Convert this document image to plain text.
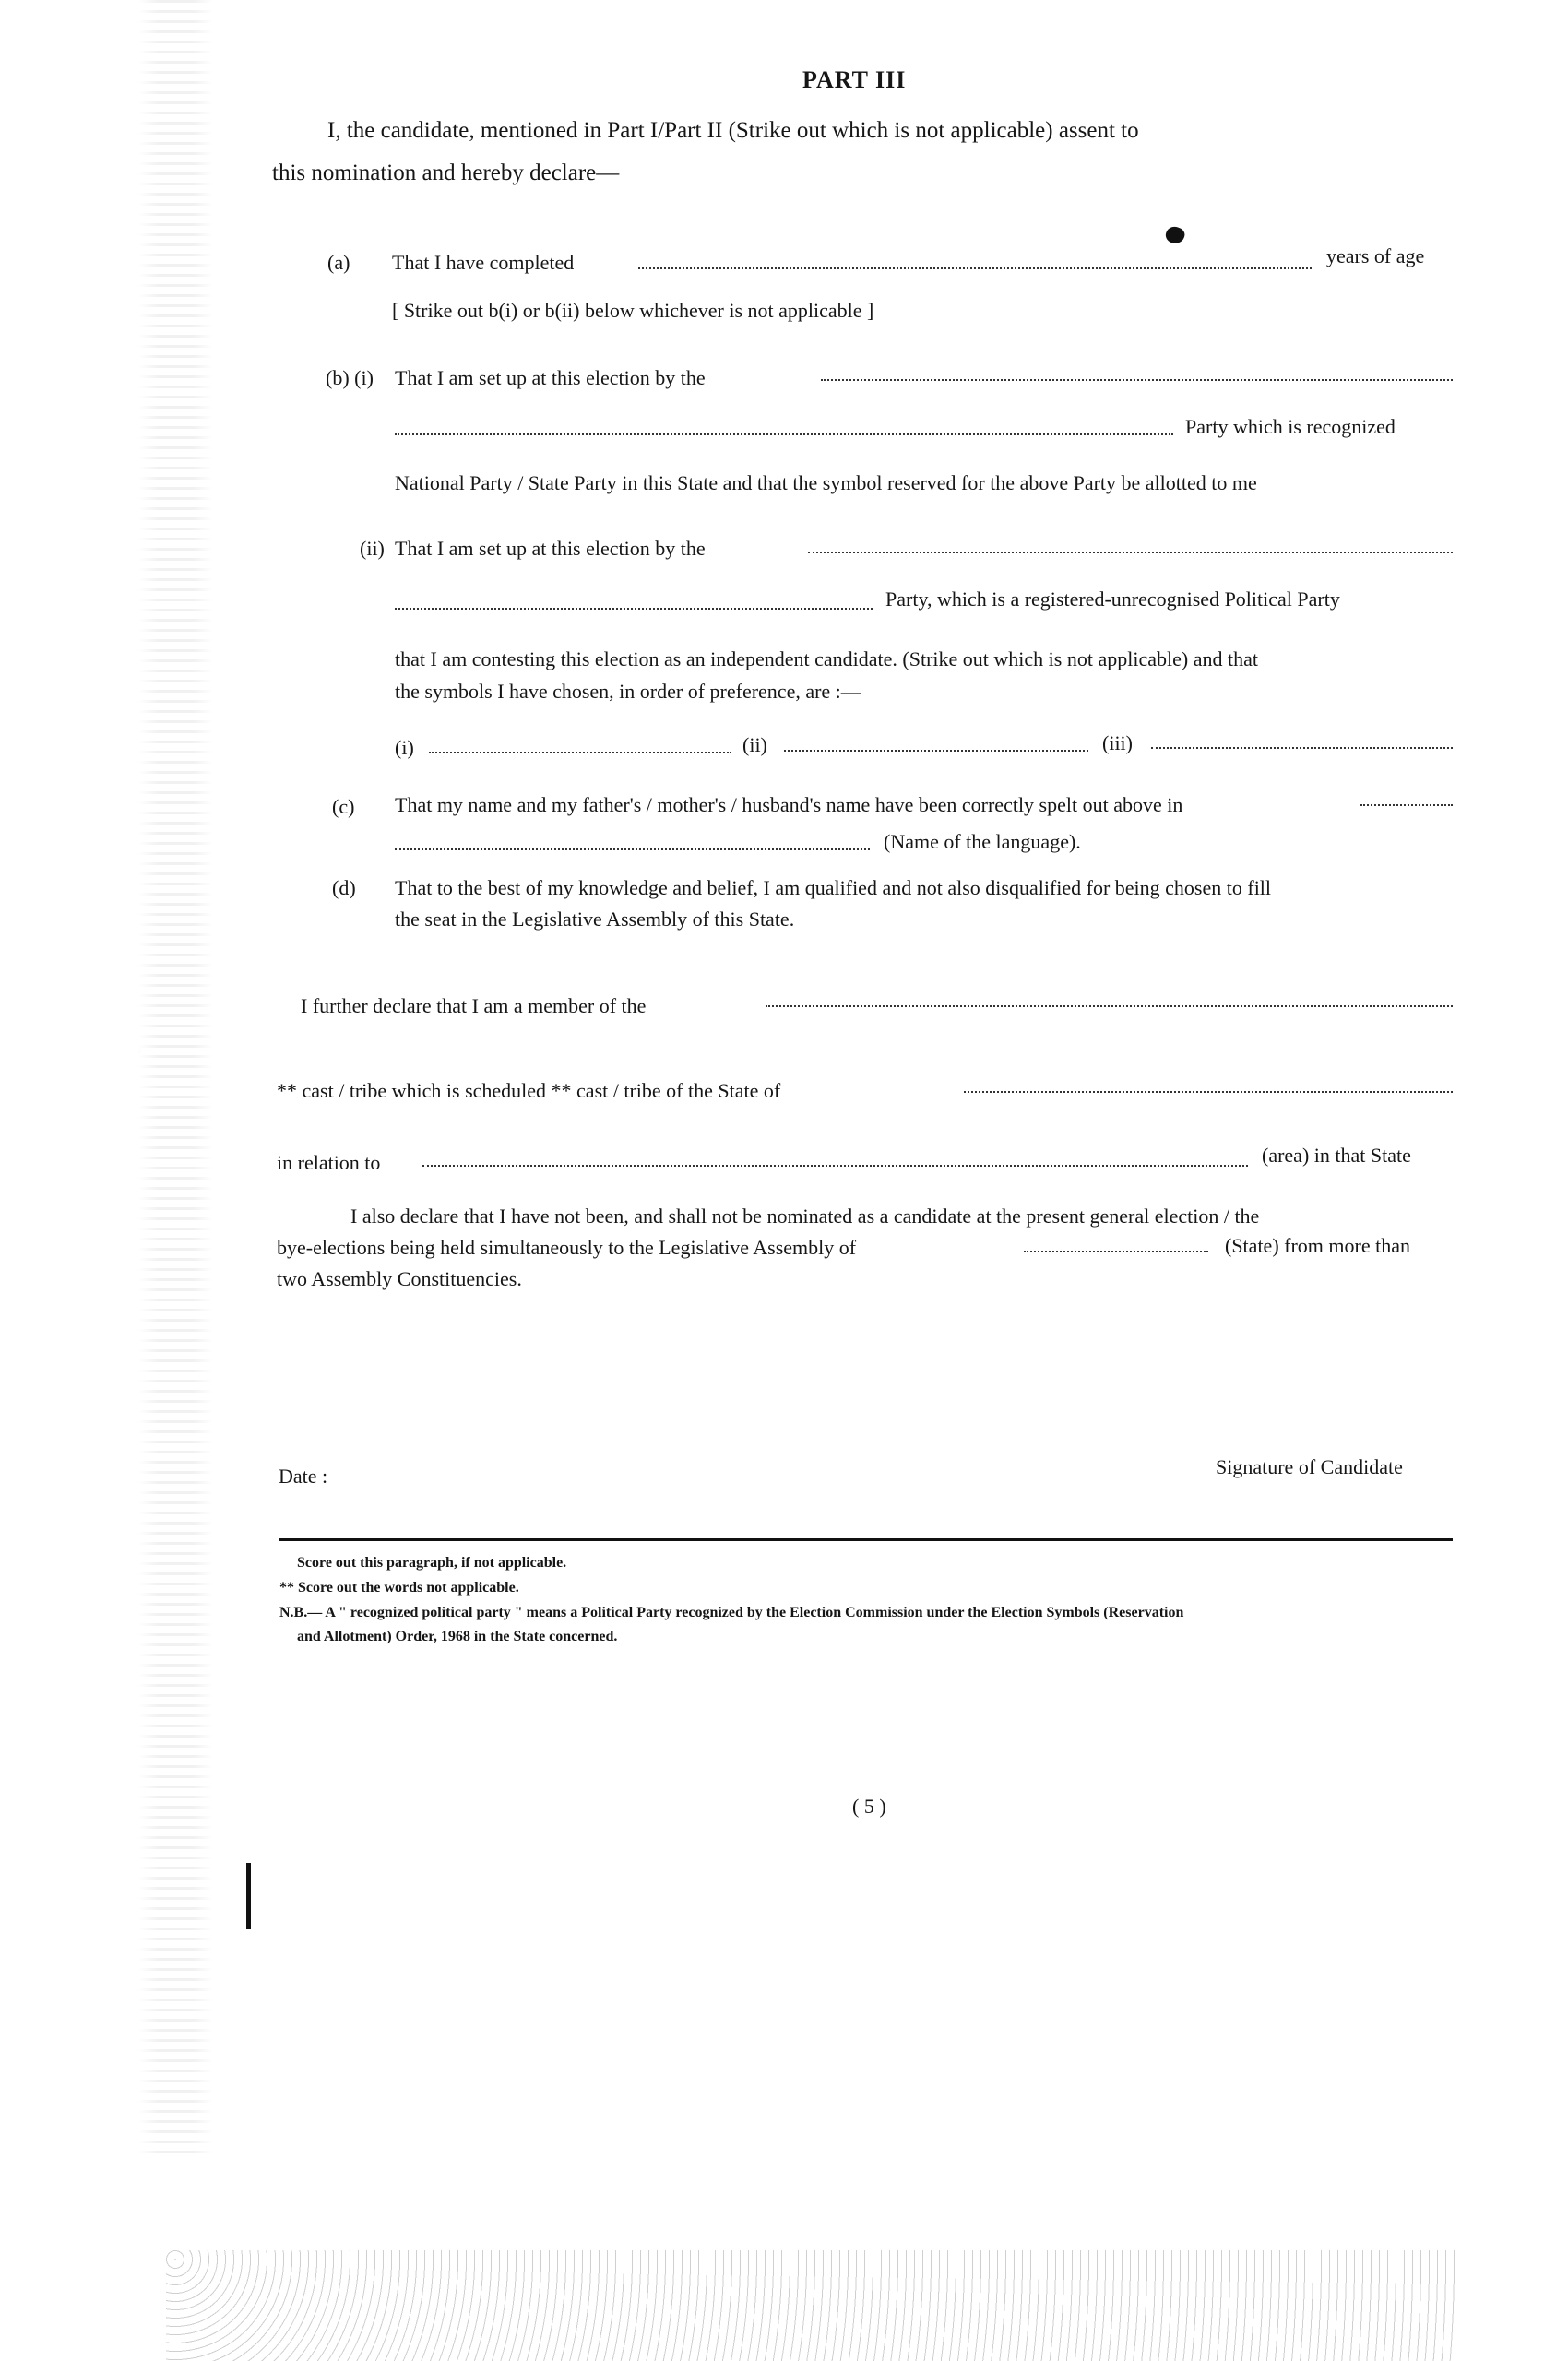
PART III
I, the candidate, mentioned in Part I/Part II (Strike out which is not applicable) assent to
this nomination and hereby declare—
(a) That I have completed	years of age
[ Strike out b(i) or b(ii) below whichever is not applicable ]
(b) (i) That I am set up at this election by the
Party which is recognized
National Party / State Party in this State and that the symbol reserved for the above Party be allotted to me
(ii) That I am set up at this election by the
Party, which is a registered-unrecognised Political Party
that I am contesting this election as an independent candidate. (Strike out which is not applicable) and that
the symbols I have chosen, in order of preference, are :—
(i)	(ii)	(iii)
(c) That my name and my father's / mother's / husband's name have been correctly spelt out above in
(Name of the language).
(d) That to the best of my knowledge and belief, I am qualified and not also disqualified for being chosen to fill
the seat in the Legislative Assembly of this State.
I further declare that I am a member of the
** cast / tribe which is scheduled ** cast / tribe of the State of
in relation to	(area) in that State
I also declare that I have not been, and shall not be nominated as a candidate at the present general election / the
bye-elections being held simultaneously to the Legislative Assembly of	(State) from more than
two Assembly Constituencies.
Date :	Signature of Candidate
Score out this paragraph, if not applicable.
** Score out the words not applicable.
N.B.— A " recognized political party " means a Political Party recognized by the Election Commission under the Election Symbols (Reservation
and Allotment) Order, 1968 in the State concerned.
( 5 )
